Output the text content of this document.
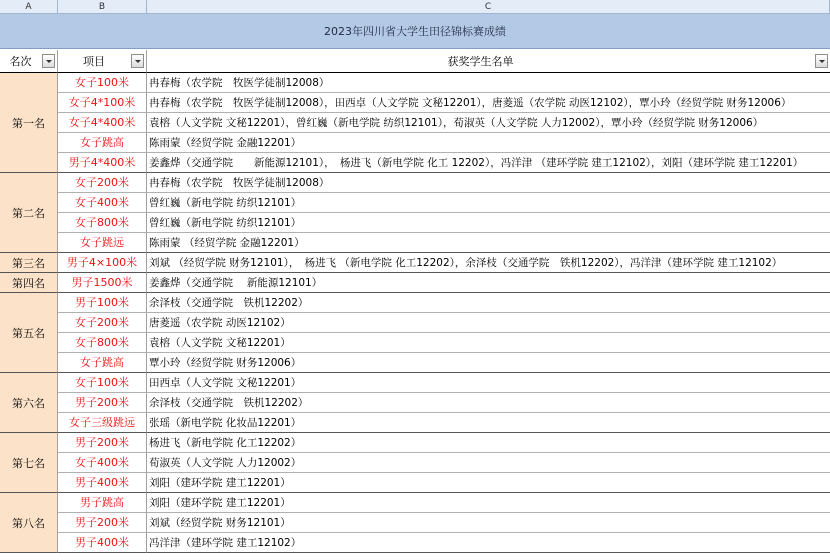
A	B	C
2023年四川省大学生田径锦标赛成绩
名次	项目	获奖学生名单
第一名
女子100米	冉春梅（农学院　牧医学徒制12008）
女子4*100米	冉春梅（农学院　牧医学徒制12008），田西卓（人文学院 文秘12201），唐菱遥（农学院 动医12102），覃小玲（经贸学院 财务12006）
女子4*400米	袁榕（人文学院 文秘12201），曾红巍（新电学院 纺织12101），荀淑英（人文学院 人力12002），覃小玲（经贸学院 财务12006）
女子跳高	陈雨蒙（经贸学院 金融12201）
男子4*400米	姜鑫烨（交通学院　　新能源12101），　杨进飞（新电学院 化工 12202），冯洋津 （建环学院 建工12102），刘阳（建环学院 建工12201）
第二名
女子200米	冉春梅（农学院　牧医学徒制12008）
女子400米	曾红巍（新电学院 纺织12101）
女子800米	曾红巍（新电学院 纺织12101）
女子跳远	陈雨蒙 （经贸学院 金融12201）
第三名	男子4×100米	刘斌 （经贸学院 财务12101），　杨进飞 （新电学院 化工12202），余泽枝（交通学院　铁机12202），冯洋津（建环学院 建工12102）
第四名	男子1500米	姜鑫烨（交通学院　 新能源12101）
第五名
男子100米	余泽枝（交通学院　铁机12202）
女子200米	唐菱遥（农学院 动医12102）
女子800米	袁榕（人文学院 文秘12201）
女子跳高	覃小玲（经贸学院 财务12006）
第六名
女子100米	田西卓（人文学院 文秘12201）
男子200米	余泽枝（交通学院　铁机12202）
女子三级跳远	张瑶（新电学院 化妆品12201）
第七名
男子200米	杨进飞（新电学院 化工12202）
女子400米	荀淑英（人文学院 人力12002）
男子400米	刘阳（建环学院 建工12201）
第八名
男子跳高	刘阳（建环学院 建工12201）
男子200米	刘斌（经贸学院 财务12101）
男子400米	冯洋津（建环学院 建工12102）
